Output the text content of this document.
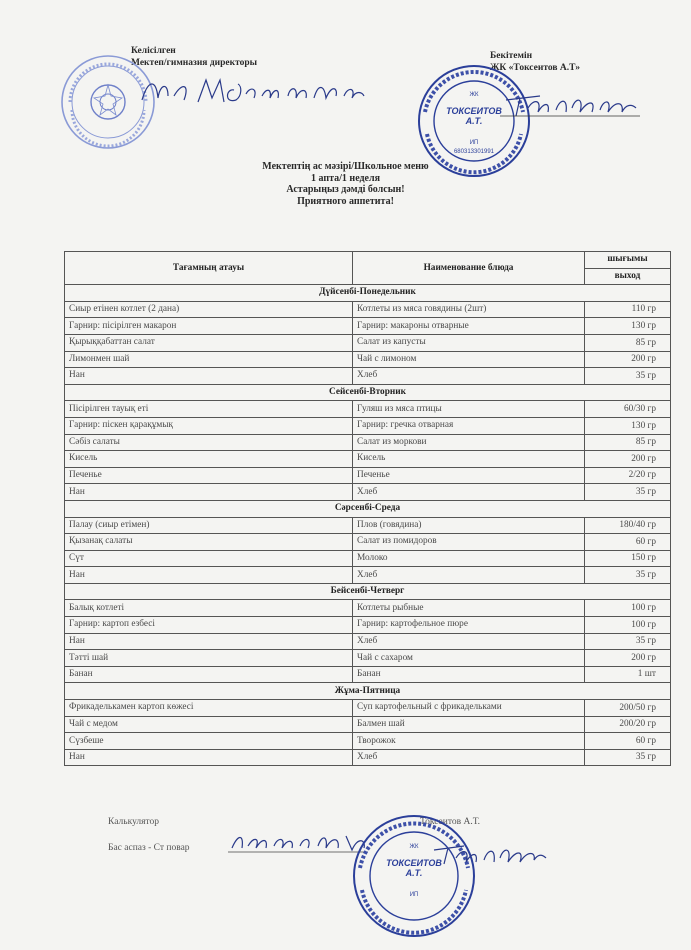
Келісілген
Мектеп/гимназия директоры
Бекітемін
ЖК «Токсеитов А.Т»
ЖК
ТОКСЕИТОВ А.Т.
ИП
680313301991
Мектептің ас мәзірі/Школьное меню
1 апта/1 неделя
Астарыңыз дәмді болсын!
Приятного аппетита!
Тағамның атауы	Наименование блюда	шығымы
		выход
Дүйсенбі-Понедельник		
Сиыр етінен котлет (2 дана)	Котлеты из мяса говядины (2шт)	110 гр
Гарнир: пісірілген макарон	Гарнир: макароны отварные	130 гр
Қырыққабаттан салат	Салат из капусты	85 гр
Лимонмен шай	Чай с лимоном	200 гр
Нан	Хлеб	35 гр
Сейсенбі-Вторник		
Пісірілген тауық еті	Гуляш из мяса птицы	60/30 гр
Гарнир: піскен қарақұмық	Гарнир: гречка отварная	130 гр
Сәбіз салаты	Салат из моркови	85 гр
Кисель	Кисель	200 гр
Печенье	Печенье	2/20 гр
Нан	Хлеб	35 гр
Сәрсенбі-Среда		
Палау (сиыр етімен)	Плов (говядина)	180/40 гр
Қызанақ салаты	Салат из помидоров	60 гр
Сүт	Молоко	150 гр
Нан	Хлеб	35 гр
Бейсенбі-Четверг		
Балық котлеті	Котлеты рыбные	100 гр
Гарнир: картоп езбесі	Гарнир: картофельное пюре	100 гр
Нан	Хлеб	35 гр
Тәтті шай	Чай с сахаром	200 гр
Банан	Банан	1 шт
Жұма-Пятница		
Фрикаделькамен картоп көжесі	Суп картофельный с фрикадельками	200/50 гр
Чай с медом	Балмен шай	200/20 гр
Сүзбеше	Творожок	60 гр
Нан	Хлеб	35 гр
Калькулятор	Токсеитов А.Т.
Бас аспаз - Ст повар	ЖК
ТОКСЕИТОВ А.Т.
ИП
